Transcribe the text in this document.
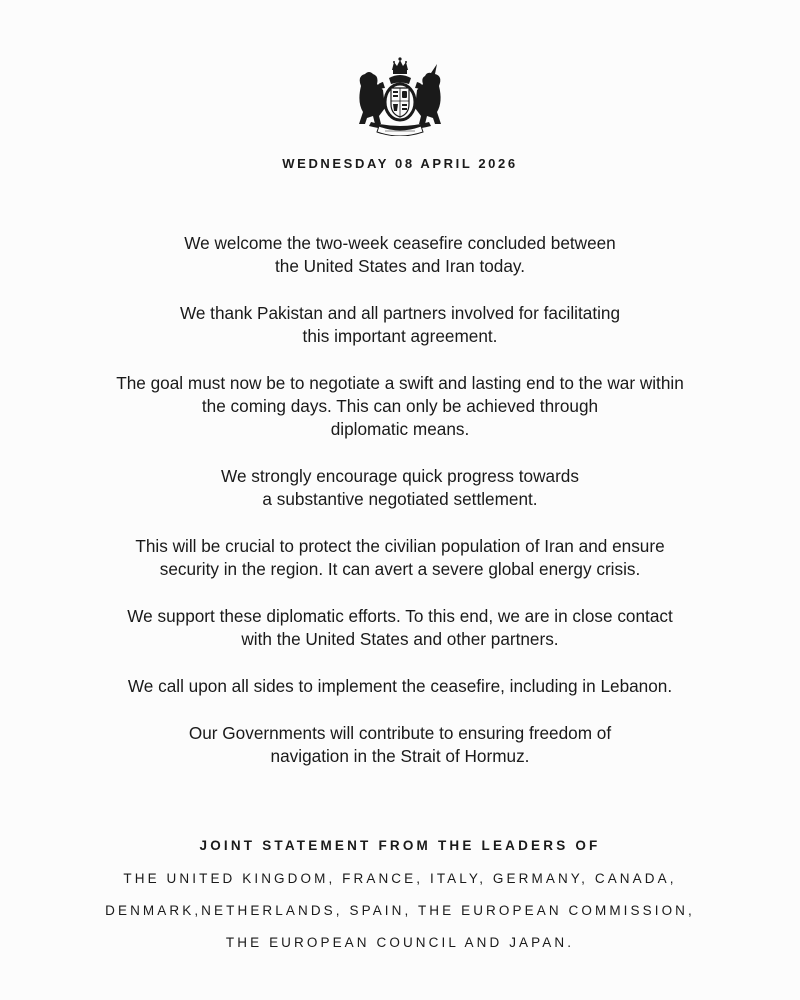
WEDNESDAY 08 APRIL 2026

We welcome the two-week ceasefire concluded between
the United States and Iran today.

We thank Pakistan and all partners involved for facilitating
this important agreement.

The goal must now be to negotiate a swift and lasting end to the war within
the coming days. This can only be achieved through
diplomatic means.

We strongly encourage quick progress towards
a substantive negotiated settlement.

This will be crucial to protect the civilian population of Iran and ensure
security in the region. It can avert a severe global energy crisis.

We support these diplomatic efforts. To this end, we are in close contact
with the United States and other partners.

We call upon all sides to implement the ceasefire, including in Lebanon.

Our Governments will contribute to ensuring freedom of
navigation in the Strait of Hormuz.

JOINT STATEMENT FROM THE LEADERS OF
THE UNITED KINGDOM, FRANCE, ITALY, GERMANY, CANADA,
DENMARK,NETHERLANDS, SPAIN, THE EUROPEAN COMMISSION,
THE EUROPEAN COUNCIL AND JAPAN.
